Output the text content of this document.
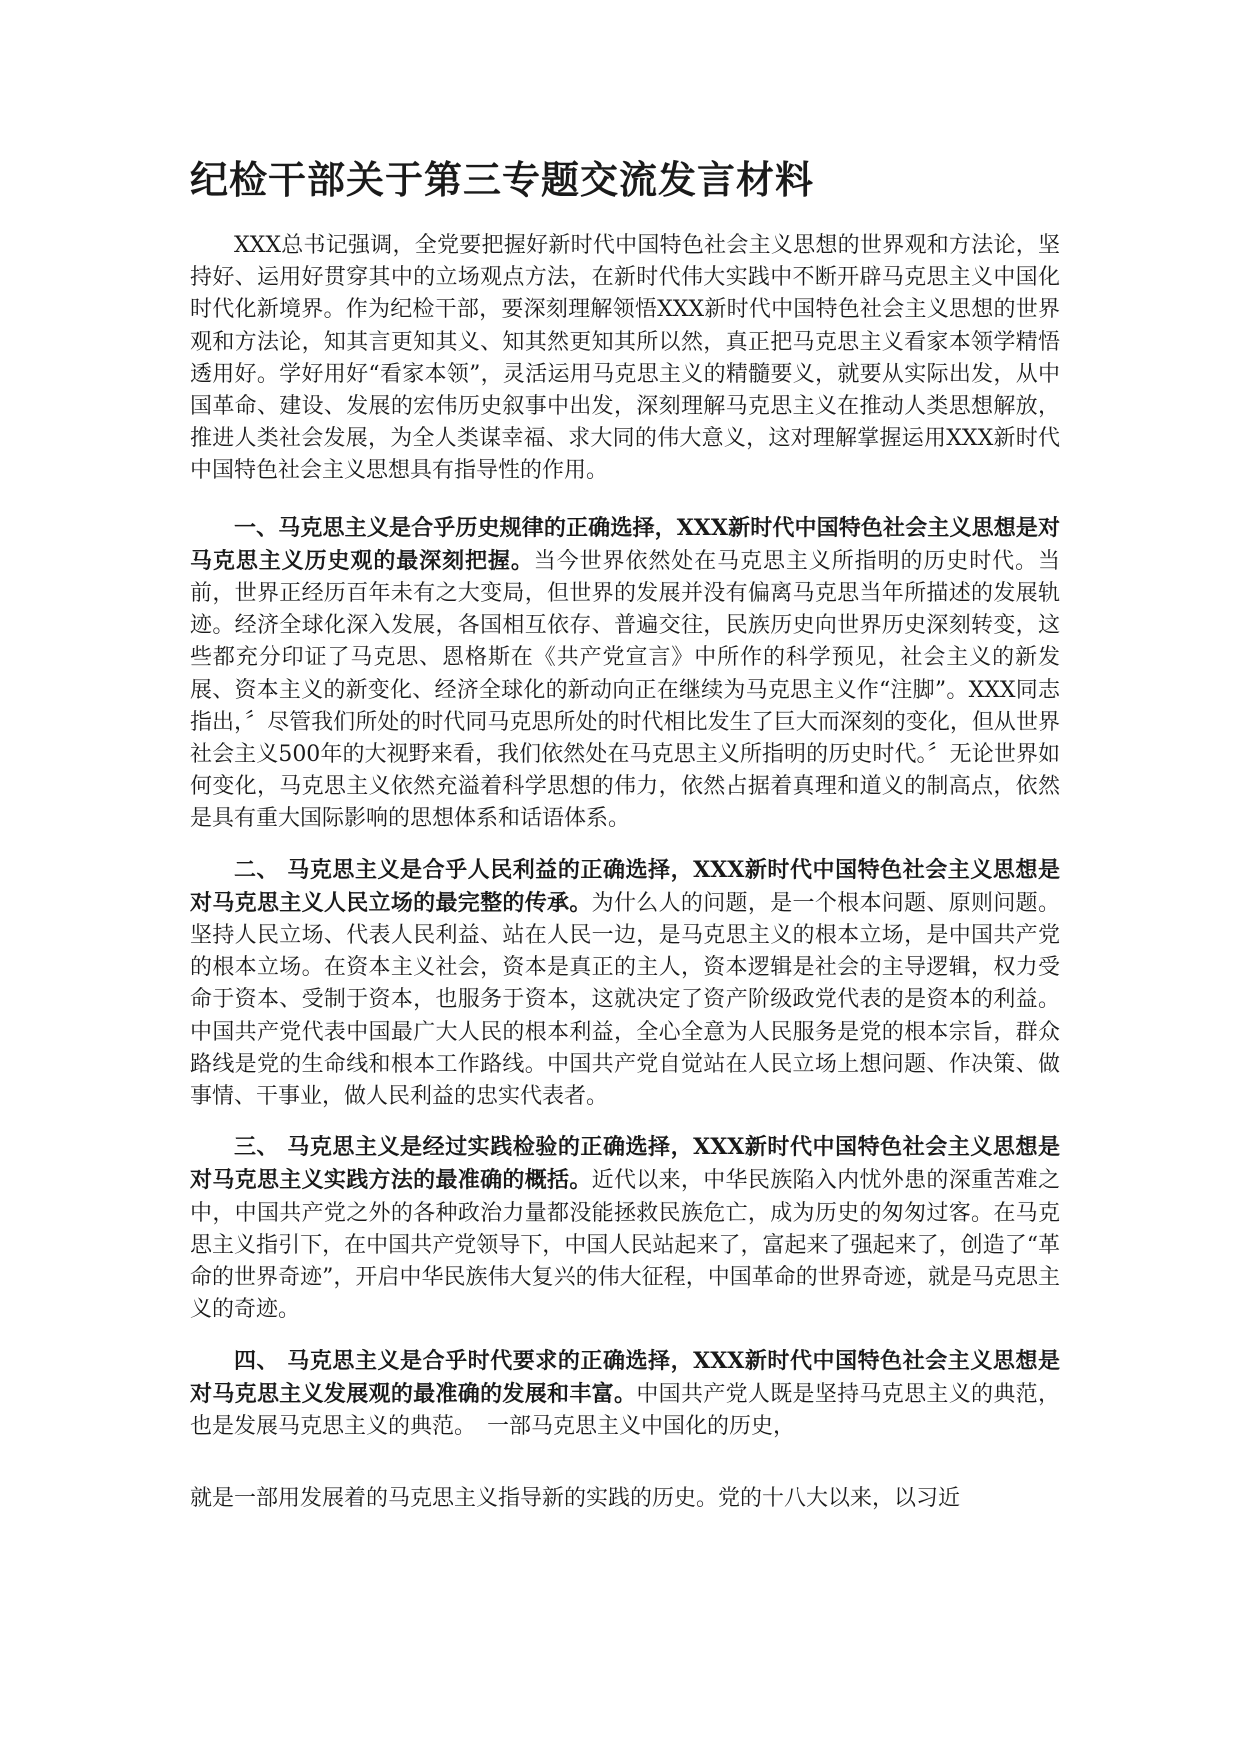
纪检干部关于第三专题交流发言材料

XXX总书记强调，全党要把握好新时代中国特色社会主义思想的世界观和方法论，坚持好、运用好贯穿其中的立场观点方法，在新时代伟大实践中不断开辟马克思主义中国化时代化新境界。作为纪检干部，要深刻理解领悟XXX新时代中国特色社会主义思想的世界观和方法论，知其言更知其义、知其然更知其所以然，真正把马克思主义看家本领学精悟透用好。学好用好“看家本领”，灵活运用马克思主义的精髓要义，就要从实际出发，从中国革命、建设、发展的宏伟历史叙事中出发，深刻理解马克思主义在推动人类思想解放，推进人类社会发展，为全人类谋幸福、求大同的伟大意义，这对理解掌握运用XXX新时代中国特色社会主义思想具有指导性的作用。

一、马克思主义是合乎历史规律的正确选择，XXX新时代中国特色社会主义思想是对马克思主义历史观的最深刻把握。当今世界依然处在马克思主义所指明的历史时代。当前，世界正经历百年未有之大变局，但世界的发展并没有偏离马克思当年所描述的发展轨迹。经济全球化深入发展，各国相互依存、普遍交往，民族历史向世界历史深刻转变，这些都充分印证了马克思、恩格斯在《共产党宣言》中所作的科学预见，社会主义的新发展、资本主义的新变化、经济全球化的新动向正在继续为马克思主义作“注脚”。XXX同志指出，〞尽管我们所处的时代同马克思所处的时代相比发生了巨大而深刻的变化，但从世界社会主义500年的大视野来看，我们依然处在马克思主义所指明的历史时代。〞无论世界如何变化，马克思主义依然充溢着科学思想的伟力，依然占据着真理和道义的制高点，依然是具有重大国际影响的思想体系和话语体系。

二、 马克思主义是合乎人民利益的正确选择，XXX新时代中国特色社会主义思想是对马克思主义人民立场的最完整的传承。为什么人的问题，是一个根本问题、原则问题。坚持人民立场、代表人民利益、站在人民一边，是马克思主义的根本立场，是中国共产党的根本立场。在资本主义社会，资本是真正的主人，资本逻辑是社会的主导逻辑，权力受命于资本、受制于资本，也服务于资本，这就决定了资产阶级政党代表的是资本的利益。中国共产党代表中国最广大人民的根本利益，全心全意为人民服务是党的根本宗旨，群众路线是党的生命线和根本工作路线。中国共产党自觉站在人民立场上想问题、作决策、做事情、干事业，做人民利益的忠实代表者。

三、 马克思主义是经过实践检验的正确选择，XXX新时代中国特色社会主义思想是对马克思主义实践方法的最准确的概括。近代以来，中华民族陷入内忧外患的深重苦难之中，中国共产党之外的各种政治力量都没能拯救民族危亡，成为历史的匆匆过客。在马克思主义指引下，在中国共产党领导下，中国人民站起来了，富起来了强起来了，创造了“革命的世界奇迹”，开启中华民族伟大复兴的伟大征程，中国革命的世界奇迹，就是马克思主义的奇迹。

四、 马克思主义是合乎时代要求的正确选择，XXX新时代中国特色社会主义思想是对马克思主义发展观的最准确的发展和丰富。中国共产党人既是坚持马克思主义的典范，也是发展马克思主义的典范。　一部马克思主义中国化的历史，

就是一部用发展着的马克思主义指导新的实践的历史。党的十八大以来，以习近
